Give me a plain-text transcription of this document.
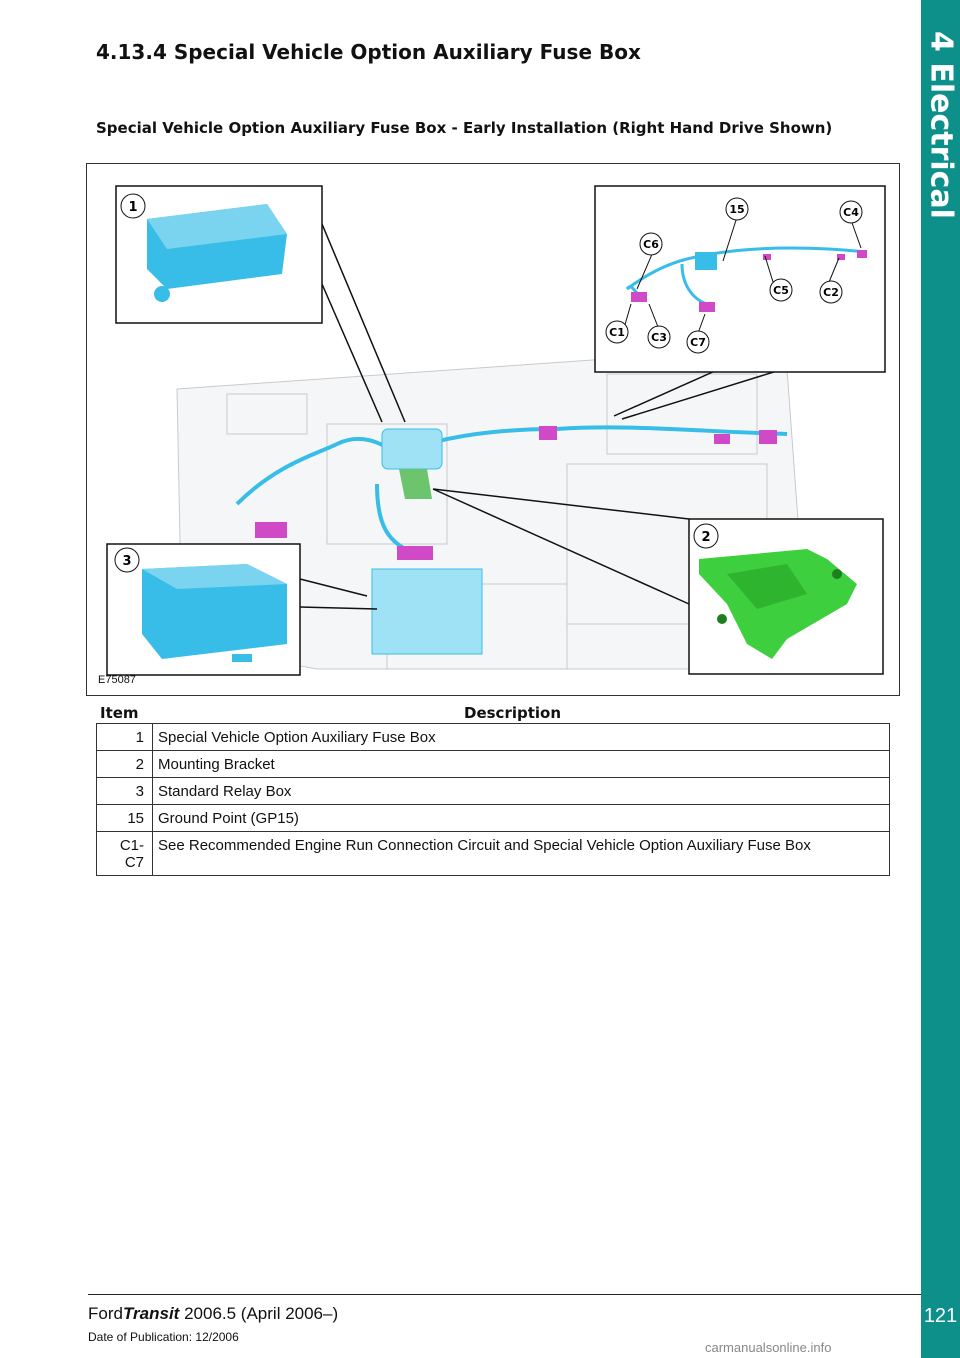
4 Electrical
121
4.13.4 Special Vehicle Option Auxiliary Fuse Box
Special Vehicle Option Auxiliary Fuse Box - Early Installation (Right Hand Drive Shown)
1	15	C4
C6
C5	C2
C1 C3 C7
2
3
E75087
Item	Description
1	Special Vehicle Option Auxiliary Fuse Box
2	Mounting Bracket
3	Standard Relay Box
15	Ground Point (GP15)
C1-C7	See Recommended Engine Run Connection Circuit and Special Vehicle Option Auxiliary Fuse Box
FordTransit 2006.5 (April 2006–)
Date of Publication: 12/2006
carmanualsonline.info
